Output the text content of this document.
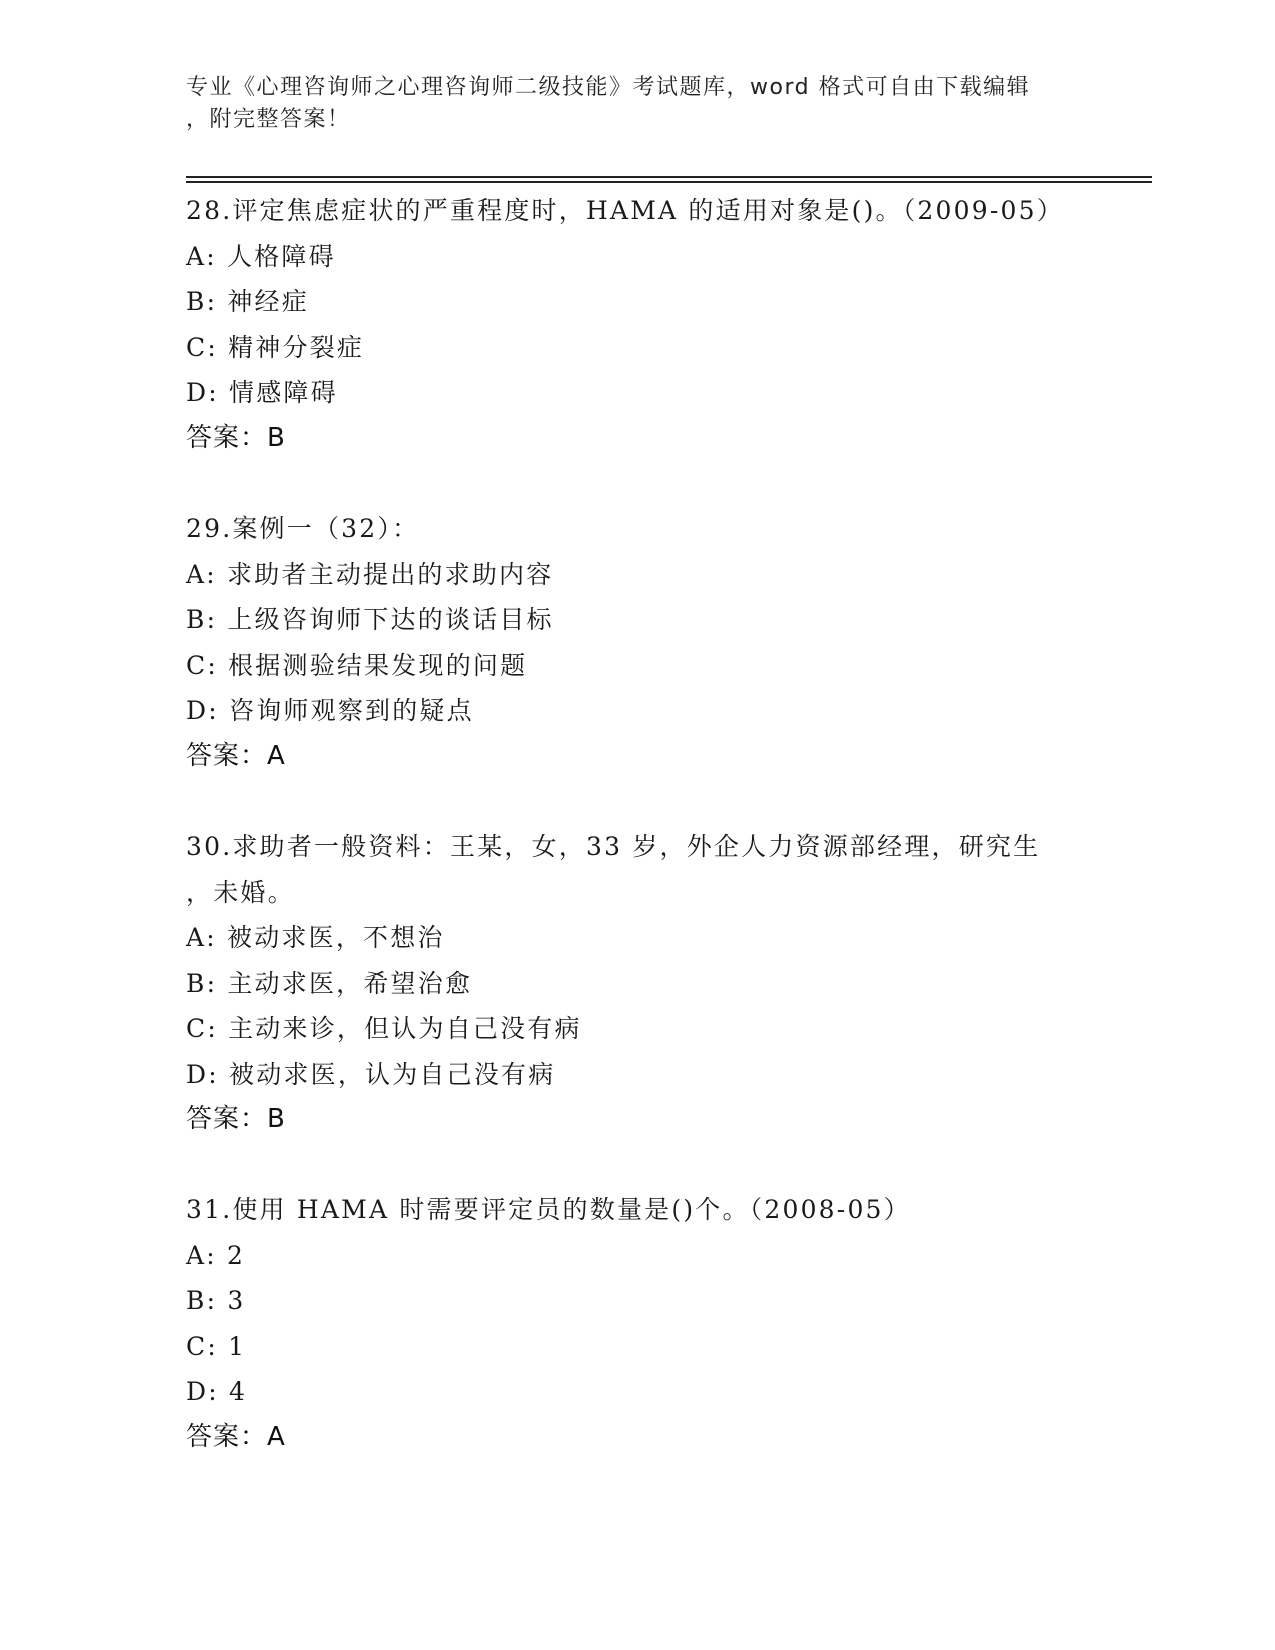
专业《心理咨询师之心理咨询师二级技能》考试题库，word 格式可自由下载编辑
，附完整答案！
28.评定焦虑症状的严重程度时，HAMA 的适用对象是()。（2009-05）
A: 人格障碍
B: 神经症
C: 精神分裂症
D: 情感障碍
答案：B
29.案例一（32）：
A: 求助者主动提出的求助内容
B: 上级咨询师下达的谈话目标
C: 根据测验结果发现的问题
D: 咨询师观察到的疑点
答案：A
30.求助者一般资料：王某，女，33 岁，外企人力资源部经理，研究生
，未婚。
A: 被动求医，不想治
B: 主动求医，希望治愈
C: 主动来诊，但认为自己没有病
D: 被动求医，认为自己没有病
答案：B
31.使用 HAMA 时需要评定员的数量是()个。（2008-05）
A: 2
B: 3
C: 1
D: 4
答案：A
